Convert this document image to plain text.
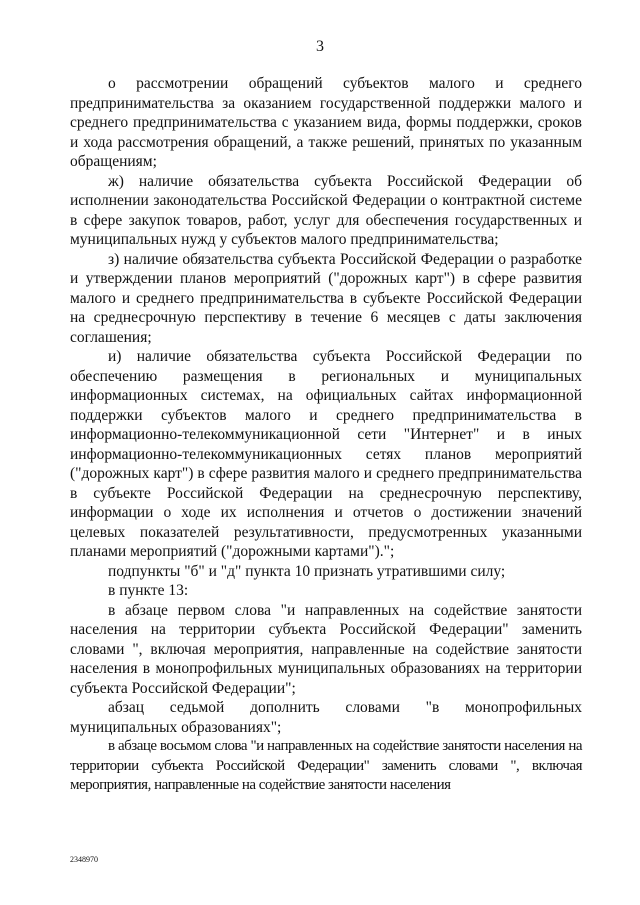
3

о рассмотрении обращений субъектов малого и среднего предпринимательства за оказанием государственной поддержки малого и среднего предпринимательства с указанием вида, формы поддержки, сроков и хода рассмотрения обращений, а также решений, принятых по указанным обращениям;

ж) наличие обязательства субъекта Российской Федерации об исполнении законодательства Российской Федерации о контрактной системе в сфере закупок товаров, работ, услуг для обеспечения государственных и муниципальных нужд у субъектов малого предпринимательства;

з) наличие обязательства субъекта Российской Федерации о разработке и утверждении планов мероприятий ("дорожных карт") в сфере развития малого и среднего предпринимательства в субъекте Российской Федерации на среднесрочную перспективу в течение 6 месяцев с даты заключения соглашения;

и) наличие обязательства субъекта Российской Федерации по обеспечению размещения в региональных и муниципальных информационных системах, на официальных сайтах информационной поддержки субъектов малого и среднего предпринимательства в информационно-телекоммуникационной сети "Интернет" и в иных информационно-телекоммуникационных сетях планов мероприятий ("дорожных карт") в сфере развития малого и среднего предпринимательства в субъекте Российской Федерации на среднесрочную перспективу, информации о ходе их исполнения и отчетов о достижении значений целевых показателей результативности, предусмотренных указанными планами мероприятий ("дорожными картами").";

подпункты "б" и "д" пункта 10 признать утратившими силу;

в пункте 13:

в абзаце первом слова "и направленных на содействие занятости населения на территории субъекта Российской Федерации" заменить словами ", включая мероприятия, направленные на содействие занятости населения в монопрофильных муниципальных образованиях на территории субъекта Российской Федерации";

абзац седьмой дополнить словами "в монопрофильных муниципальных образованиях";

в абзаце восьмом слова "и направленных на содействие занятости населения на территории субъекта Российской Федерации" заменить словами ", включая мероприятия, направленные на содействие занятости населения

2348970
